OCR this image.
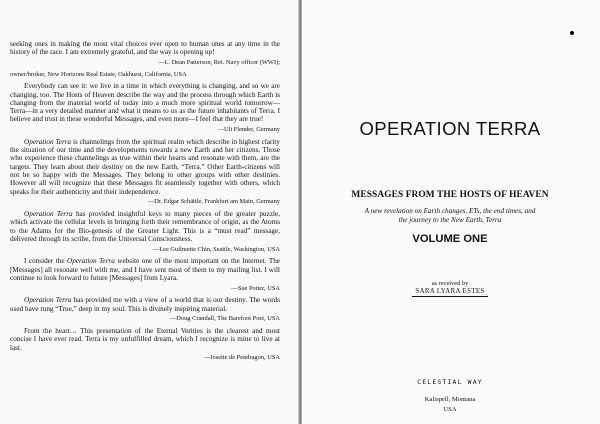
seeking ones in making the most vital choices ever open to human ones at any time in the history of the race. I am extremely grateful, and the way is opening up!

—L. Dean Patterson, Ret. Navy officer (WWI);

owner/broker, New Horizons Real Estate, Oakhurst, California, USA

Everybody can see it: we live in a time in which everything is changing, and so we are changing, too. The Hosts of Heaven describe the way and the process through which Earth is changing from the material world of today into a much more spiritual world tomorrow—Terra—in a very detailed manner and what it means to us as the future inhabitants of Terra. I believe and trust in these wonderful Messages, and even more—I feel that they are true!

—Uli Flender, Germany

Operation Terra is channelings from the spiritual realm which describe in highest clarity the situation of our time and the developments towards a new Earth and her citizens. Those who experience these channelings as true within their hearts and resonate with them, are the targets. They learn about their destiny on the new Earth, “Terra.” Other Earth-citizens will not be so happy with the Messages. They belong to other groups with other destinies. However all will recognize that these Messages fit seamlessly together with others, which speaks for their authenticity and their independence.

—Dr. Edgar Schättle, Frankfurt am Main, Germany

Operation Terra has provided insightful keys to many pieces of the greater puzzle, which activate the cellular levels in bringing forth their remembrance of origin, as the Atoms to the Adams for the Bio-genesis of the Greater Light. This is a “must read” message, delivered through its scribe, from the Universal Consciousness.

—Lee Guilmette Chin, Seattle, Washington, USA

I consider the Operation Terra website one of the most important on the Internet. The [Messages] all resonate well with me, and I have sent most of them to my mailing list. I will continue to look forward to future [Messages] from Lyara.

—Sue Potter, USA

Operation Terra has provided me with a view of a world that is our destiny. The words used have rung “True,” deep in my soul. This is divinely inspiring material.

—Doug Crandall, The Barefoot Poet, USA

From the heart… This presentation of the Eternal Verities is the clearest and most concise I have ever read. Terra is my unfulfilled dream, which I recognize is mine to live at last.

—Josette de Pendragon, USA

OPERATION TERRA
MESSAGES FROM THE HOSTS OF HEAVEN
A new revelation on Earth changes, ETs, the end times, and
the journey to the New Earth, Terra
VOLUME ONE
as received by
SARA LYARA ESTES
CELESTIAL WAY
Kalispell, Montana
USA
